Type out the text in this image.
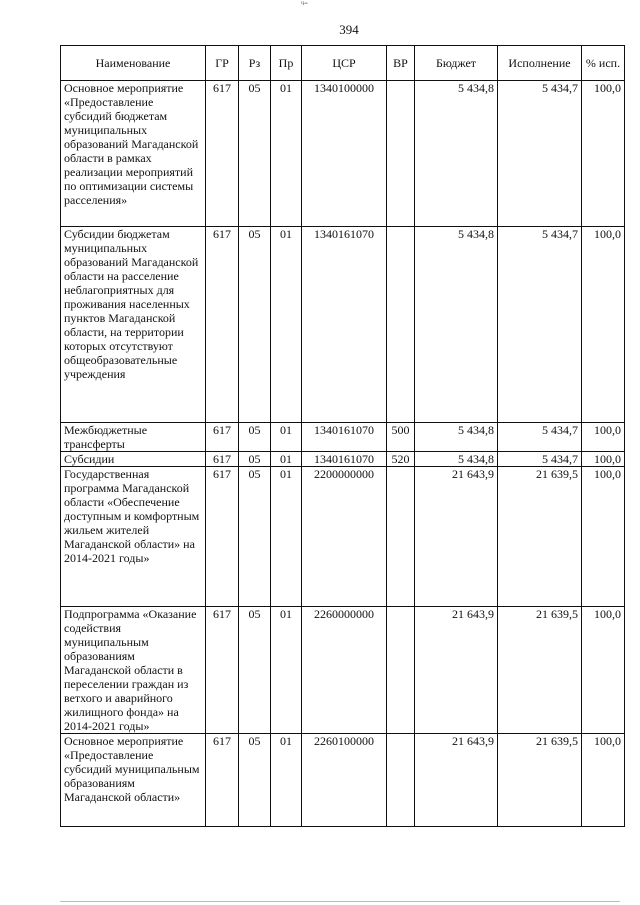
Ч••
394
Наименование	ГР	Рз	Пр	ЦСР	ВР	Бюджет	Исполнение	% исп.
Основное мероприятие «Предоставление субсидий бюджетам муниципальных образований Магаданской области в рамках реализации мероприятий по оптимизации системы расселения»	617	05	01	1340100000		5 434,8	5 434,7	100,0
Субсидии бюджетам муниципальных образований Магаданской области на расселение неблагоприятных для проживания населенных пунктов Магаданской области, на территории которых отсутствуют общеобразовательные учреждения	617	05	01	1340161070		5 434,8	5 434,7	100,0
Межбюджетные трансферты	617	05	01	1340161070	500	5 434,8	5 434,7	100,0
Субсидии	617	05	01	1340161070	520	5 434,8	5 434,7	100,0
Государственная программа Магаданской области «Обеспечение доступным и комфортным жильем жителей Магаданской области» на 2014-2021 годы»	617	05	01	2200000000		21 643,9	21 639,5	100,0
Подпрограмма «Оказание содействия муниципальным образованиям Магаданской области в переселении граждан из ветхого и аварийного жилищного фонда» на 2014-2021 годы»	617	05	01	2260000000		21 643,9	21 639,5	100,0
Основное мероприятие «Предоставление субсидий муниципальным образованиям Магаданской области»	617	05	01	2260100000		21 643,9	21 639,5	100,0
